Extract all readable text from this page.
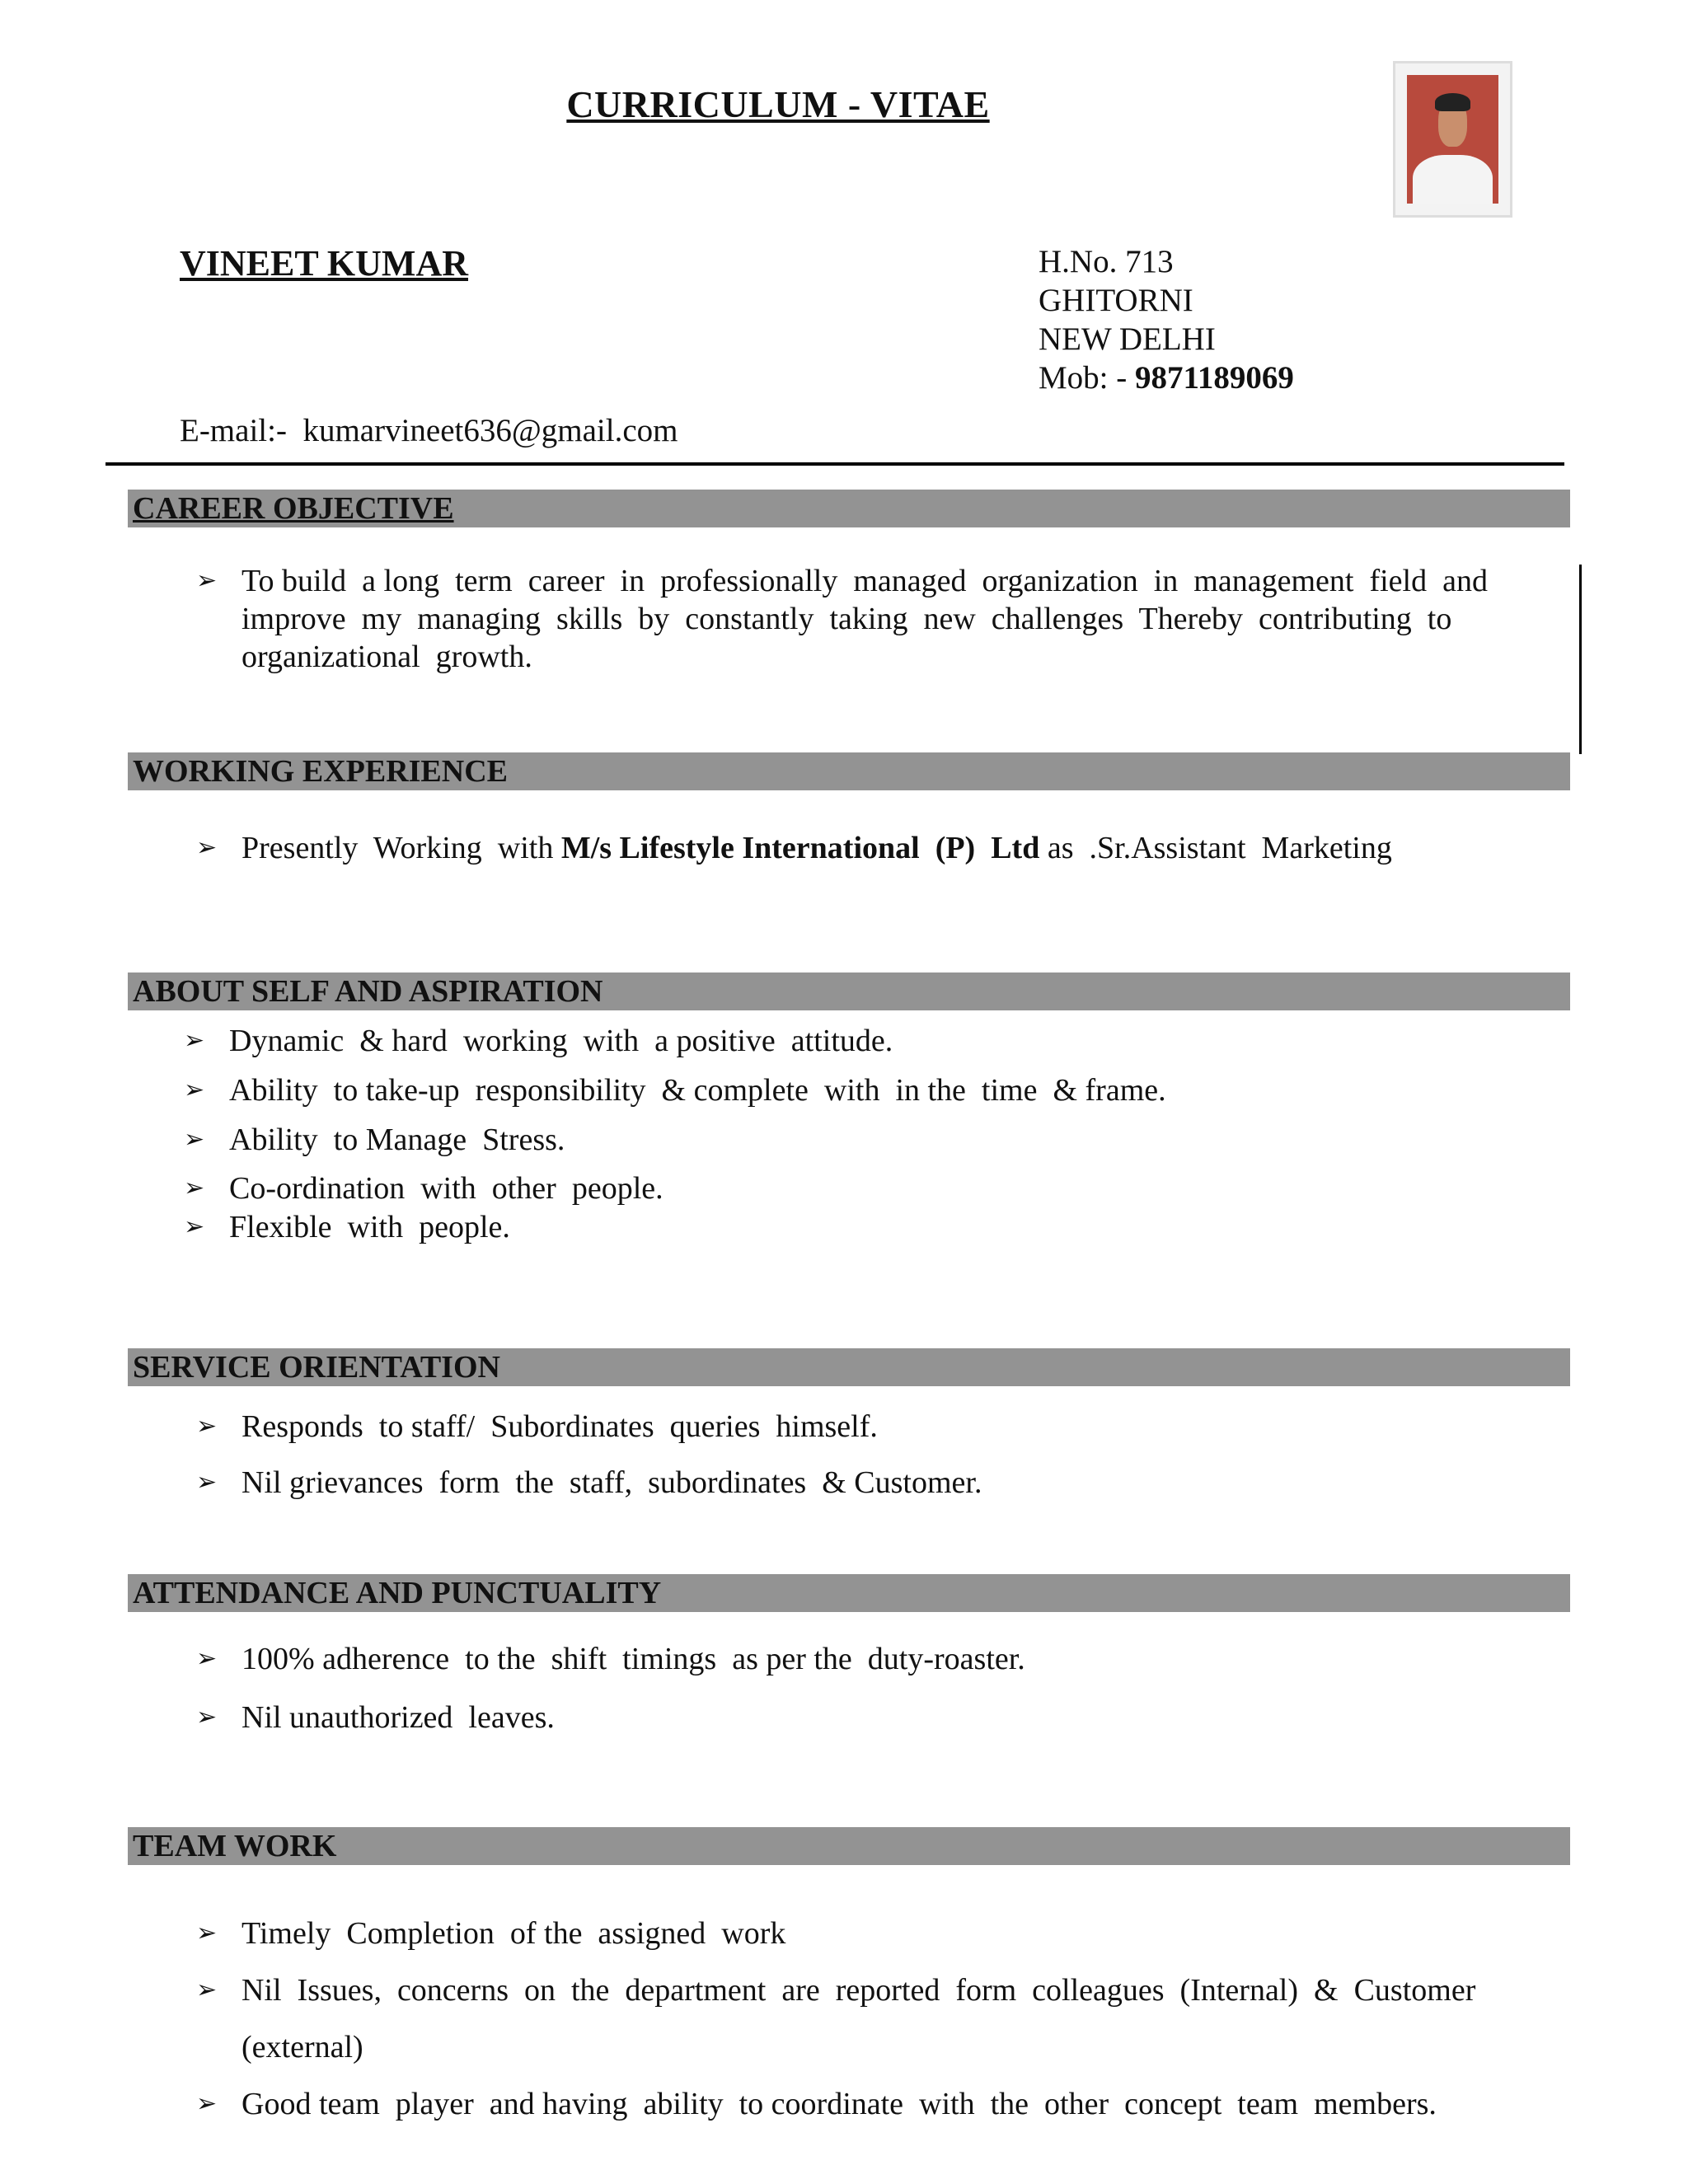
CURRICULUM - VITAE
VINEET KUMAR	H.No. 713
GHITORNI
NEW DELHI
Mob: - 9871189069
E-mail:-  kumarvineet636@gmail.com
CAREER OBJECTIVE
➢ To build  a long  term  career  in  professionally  managed  organization  in  management  field  and
improve  my  managing  skills  by  constantly  taking  new  challenges  Thereby  contributing  to
organizational  growth.
WORKING EXPERIENCE
➢ Presently  Working  with M/s Lifestyle International  (P)  Ltd as  .Sr.Assistant  Marketing
ABOUT SELF AND ASPIRATION
➢ Dynamic  & hard  working  with  a positive  attitude.
➢ Ability  to take-up  responsibility  & complete  with  in the  time  & frame.
➢ Ability  to Manage  Stress.
➢ Co-ordination  with  other  people.
➢ Flexible  with  people.
SERVICE ORIENTATION
➢ Responds  to staff/  Subordinates  queries  himself.
➢ Nil grievances  form  the  staff,  subordinates  & Customer.
ATTENDANCE AND PUNCTUALITY
➢ 100% adherence  to the  shift  timings  as per the  duty-roaster.
➢ Nil unauthorized  leaves.
TEAM WORK
➢ Timely  Completion  of the  assigned  work
➢ Nil  Issues,  concerns  on  the  department  are  reported  form  colleagues  (Internal)  &  Customer
(external)
➢ Good team  player  and having  ability  to coordinate  with  the  other  concept  team  members.
